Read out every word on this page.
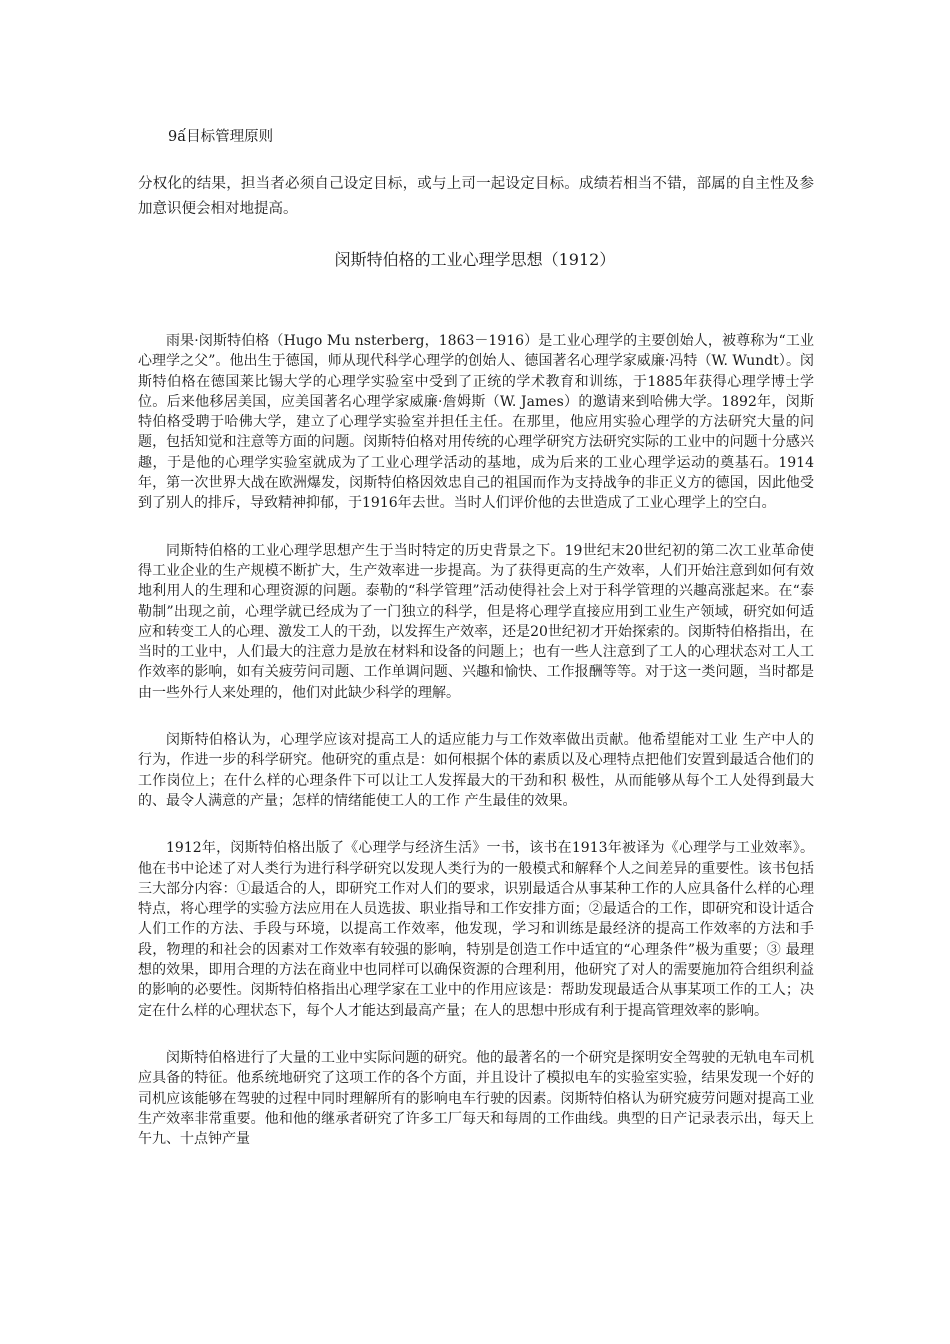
9ấ目标管理原则

分权化的结果，担当者必须自己设定目标，或与上司一起设定目标。成绩若相当不错，部属的自主性及参加意识便会相对地提高。

闵斯特伯格的工业心理学思想（1912）

雨果·闵斯特伯格（Hugo Mu nsterberg，1863－1916）是工业心理学的主要创始人，被尊称为“工业心理学之父”。他出生于德国，师从现代科学心理学的创始人、德国著名心理学家威廉·冯特（W. Wundt）。闵斯特伯格在德国莱比锡大学的心理学实验室中受到了正统的学术教育和训练，于1885年获得心理学博士学位。后来他移居美国，应美国著名心理学家威廉·詹姆斯（W. James）的邀请来到哈佛大学。1892年，闵斯特伯格受聘于哈佛大学，建立了心理学实验室并担任主任。在那里，他应用实验心理学的方法研究大量的问题，包括知觉和注意等方面的问题。闵斯特伯格对用传统的心理学研究方法研究实际的工业中的问题十分感兴趣，于是他的心理学实验室就成为了工业心理学活动的基地，成为后来的工业心理学运动的奠基石。1914年，第一次世界大战在欧洲爆发，闵斯特伯格因效忠自己的祖国而作为支持战争的非正义方的德国，因此他受到了别人的排斥，导致精神抑郁，于1916年去世。当时人们评价他的去世造成了工业心理学上的空白。

同斯特伯格的工业心理学思想产生于当时特定的历史背景之下。19世纪末20世纪初的第二次工业革命使得工业企业的生产规模不断扩大，生产效率进一步提高。为了获得更高的生产效率，人们开始注意到如何有效地利用人的生理和心理资源的问题。泰勒的“科学管理”活动使得社会上对于科学管理的兴趣高涨起来。在“泰勒制”出现之前，心理学就已经成为了一门独立的科学，但是将心理学直接应用到工业生产领域，研究如何适应和转变工人的心理、激发工人的干劲，以发挥生产效率，还是20世纪初才开始探索的。闵斯特伯格指出，在当时的工业中，人们最大的注意力是放在材料和设备的问题上；也有一些人注意到了工人的心理状态对工人工作效率的影响，如有关疲劳问司题、工作单调问题、兴趣和愉快、工作报酬等等。对于这一类问题，当时都是由一些外行人来处理的，他们对此缺少科学的理解。

闵斯特伯格认为，心理学应该对提高工人的适应能力与工作效率做出贡献。他希望能对工业 生产中人的行为，作进一步的科学研究。他研究的重点是：如何根据个体的素质以及心理特点把他们安置到最适合他们的工作岗位上；在什么样的心理条件下可以让工人发挥最大的干劲和积 极性，从而能够从每个工人处得到最大的、最令人满意的产量；怎样的情绪能使工人的工作 产生最佳的效果。

1912年，闵斯特伯格出版了《心理学与经济生活》一书，该书在1913年被译为《心理学与工业效率》。他在书中论述了对人类行为进行科学研究以发现人类行为的一般模式和解释个人之间差异的重要性。该书包括三大部分内容：①最适合的人，即研究工作对人们的要求，识别最适合从事某种工作的人应具备什么样的心理特点，将心理学的实验方法应用在人员选拔、职业指导和工作安排方面；②最适合的工作，即研究和设计适合人们工作的方法、手段与环境，以提高工作效率，他发现，学习和训练是最经济的提高工作效率的方法和手段，物理的和社会的因素对工作效率有较强的影响，特别是创造工作中适宜的“心理条件”极为重要；③ 最理想的效果，即用合理的方法在商业中也同样可以确保资源的合理利用，他研究了对人的需要施加符合组织利益的影响的必要性。闵斯特伯格指出心理学家在工业中的作用应该是：帮助发现最适合从事某项工作的工人；决定在什么样的心理状态下，每个人才能达到最高产量；在人的思想中形成有利于提高管理效率的影响。

闵斯特伯格进行了大量的工业中实际问题的研究。他的最著名的一个研究是探明安全驾驶的无轨电车司机应具备的特征。他系统地研究了这项工作的各个方面，并且设计了模拟电车的实验室实验，结果发现一个好的司机应该能够在驾驶的过程中同时理解所有的影响电车行驶的因素。闵斯特伯格认为研究疲劳问题对提高工业生产效率非常重要。他和他的继承者研究了许多工厂每天和每周的工作曲线。典型的日产记录表示出，每天上午九、十点钟产量
